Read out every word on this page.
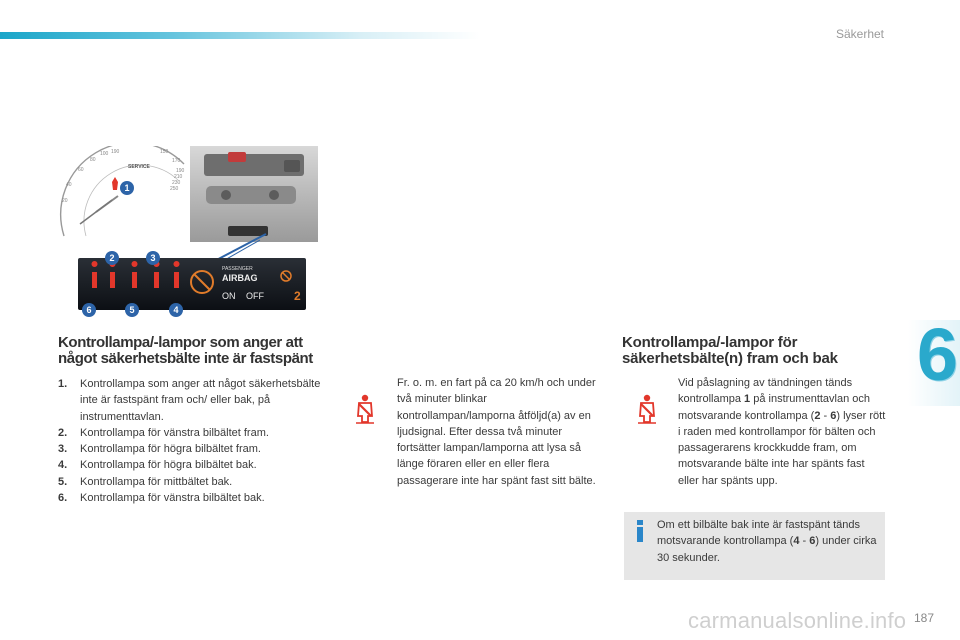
Säkerhet
6
SERVICE
190
20
40
60
80
100	150
170
190
210
230
250
1
PASSENGER
AIRBAG
ON OFF	2
2	3
4
5
6
Kontrollampa/-lampor som anger att något säkerhetsbälte inte är fastspänt
1.	Kontrollampa som anger att något säkerhetsbälte inte är fastspänt fram och/ eller bak, på instrumenttavlan.
2.	Kontrollampa för vänstra bilbältet fram.
3.	Kontrollampa för högra bilbältet fram.
4.	Kontrollampa för högra bilbältet bak.
5.	Kontrollampa för mittbältet bak.
6.	Kontrollampa för vänstra bilbältet bak.

Fr. o. m. en fart på ca 20 km/h och under två minuter blinkar kontrollampan/lamporna åtföljd(a) av en ljudsignal. Efter dessa två minuter fortsätter lampan/lamporna att lysa så länge föraren eller en eller flera passagerare inte har spänt fast sitt bälte.

Kontrollampa/-lampor för säkerhetsbälte(n) fram och bak

Vid påslagning av tändningen tänds kontrollampa 1 på instrumenttavlan och motsvarande kontrollampa (2 - 6) lyser rött i raden med kontrollampor för bälten och passagerarens krockkudde fram, om motsvarande bälte inte har spänts fast eller har spänts upp.

Om ett bilbälte bak inte är fastspänt tänds motsvarande kontrollampa (4 - 6) under cirka 30 sekunder.

carmanualsonline.info 187
